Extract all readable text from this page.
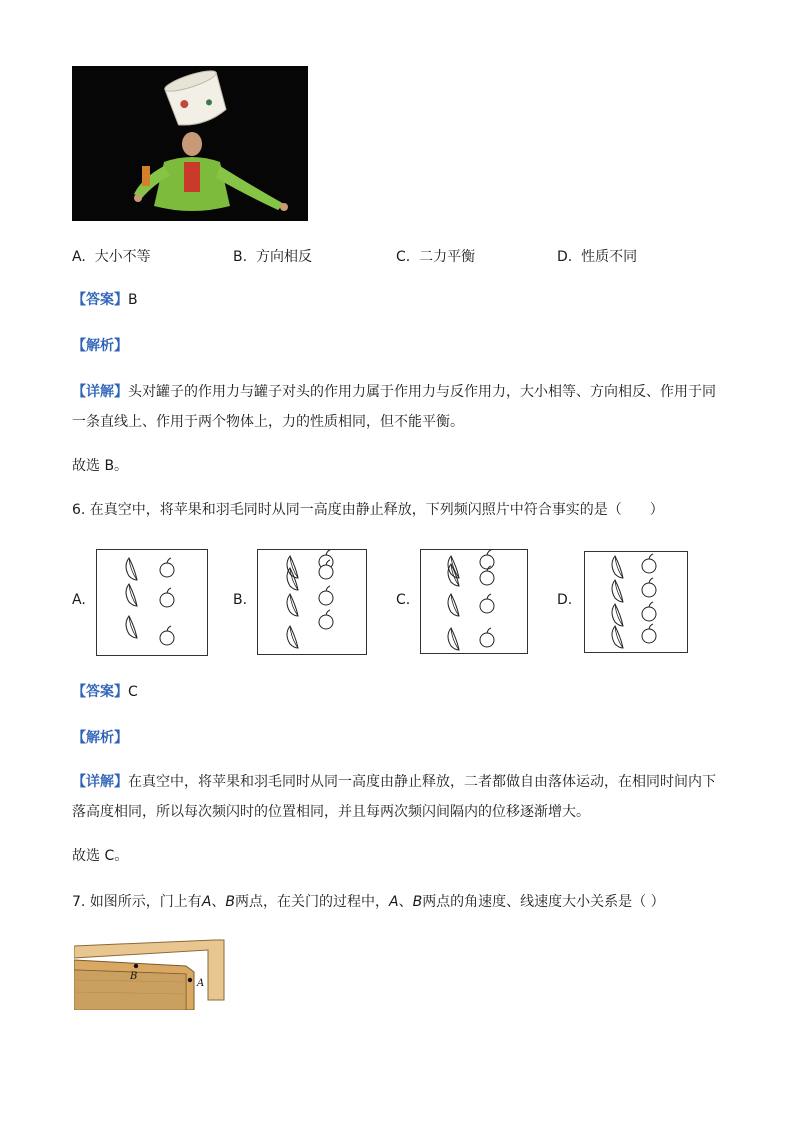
A. 大小不等	B. 方向相反	C. 二力平衡	D. 性质不同
【答案】B
【解析】
【详解】头对罐子的作用力与罐子对头的作用力属于作用力与反作用力，大小相等、方向相反、作用于同
一条直线上、作用于两个物体上，力的性质相同，但不能平衡。
故选 B。
6. 在真空中，将苹果和羽毛同时从同一高度由静止释放，下列频闪照片中符合事实的是（　　）
A.	B.	C.	D.
【答案】C
【解析】
【详解】在真空中，将苹果和羽毛同时从同一高度由静止释放，二者都做自由落体运动，在相同时间内下
落高度相同，所以每次频闪时的位置相同，并且每两次频闪间隔内的位移逐渐增大。
故选 C。
7. 如图所示，门上有A、B两点，在关门的过程中，A、B两点的角速度、线速度大小关系是（ ）
B
A
